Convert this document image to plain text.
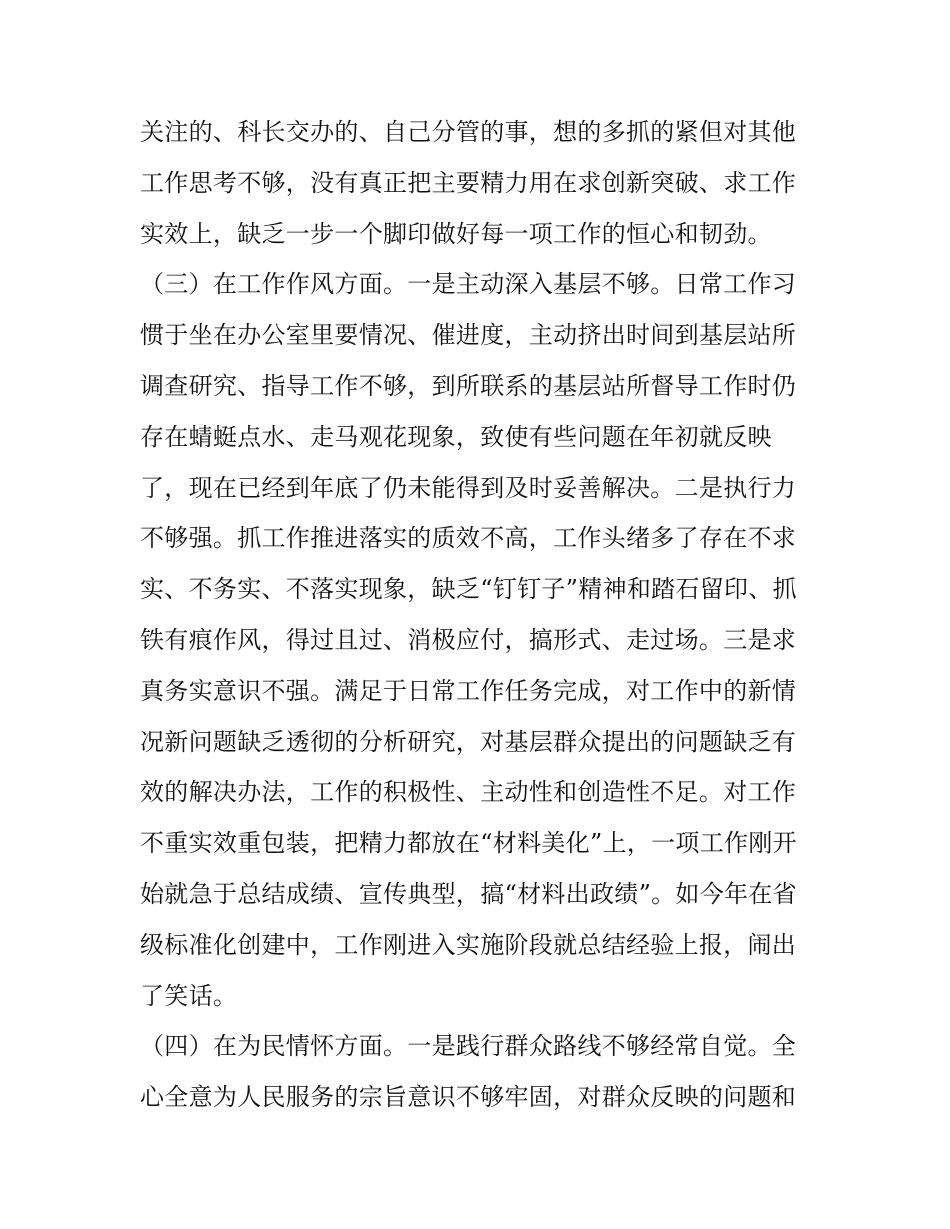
关注的、科长交办的、自己分管的事，想的多抓的紧但对其他
工作思考不够，没有真正把主要精力用在求创新突破、求工作
实效上，缺乏一步一个脚印做好每一项工作的恒心和韧劲。
（三）在工作作风方面。一是主动深入基层不够。日常工作习
惯于坐在办公室里要情况、催进度，主动挤出时间到基层站所
调查研究、指导工作不够，到所联系的基层站所督导工作时仍
存在蜻蜓点水、走马观花现象，致使有些问题在年初就反映
了，现在已经到年底了仍未能得到及时妥善解决。二是执行力
不够强。抓工作推进落实的质效不高，工作头绪多了存在不求
实、不务实、不落实现象，缺乏“钉钉子”精神和踏石留印、抓
铁有痕作风，得过且过、消极应付，搞形式、走过场。三是求
真务实意识不强。满足于日常工作任务完成，对工作中的新情
况新问题缺乏透彻的分析研究，对基层群众提出的问题缺乏有
效的解决办法，工作的积极性、主动性和创造性不足。对工作
不重实效重包装，把精力都放在“材料美化”上，一项工作刚开
始就急于总结成绩、宣传典型，搞“材料出政绩”。如今年在省
级标准化创建中，工作刚进入实施阶段就总结经验上报，闹出
了笑话。
（四）在为民情怀方面。一是践行群众路线不够经常自觉。全
心全意为人民服务的宗旨意识不够牢固，对群众反映的问题和
